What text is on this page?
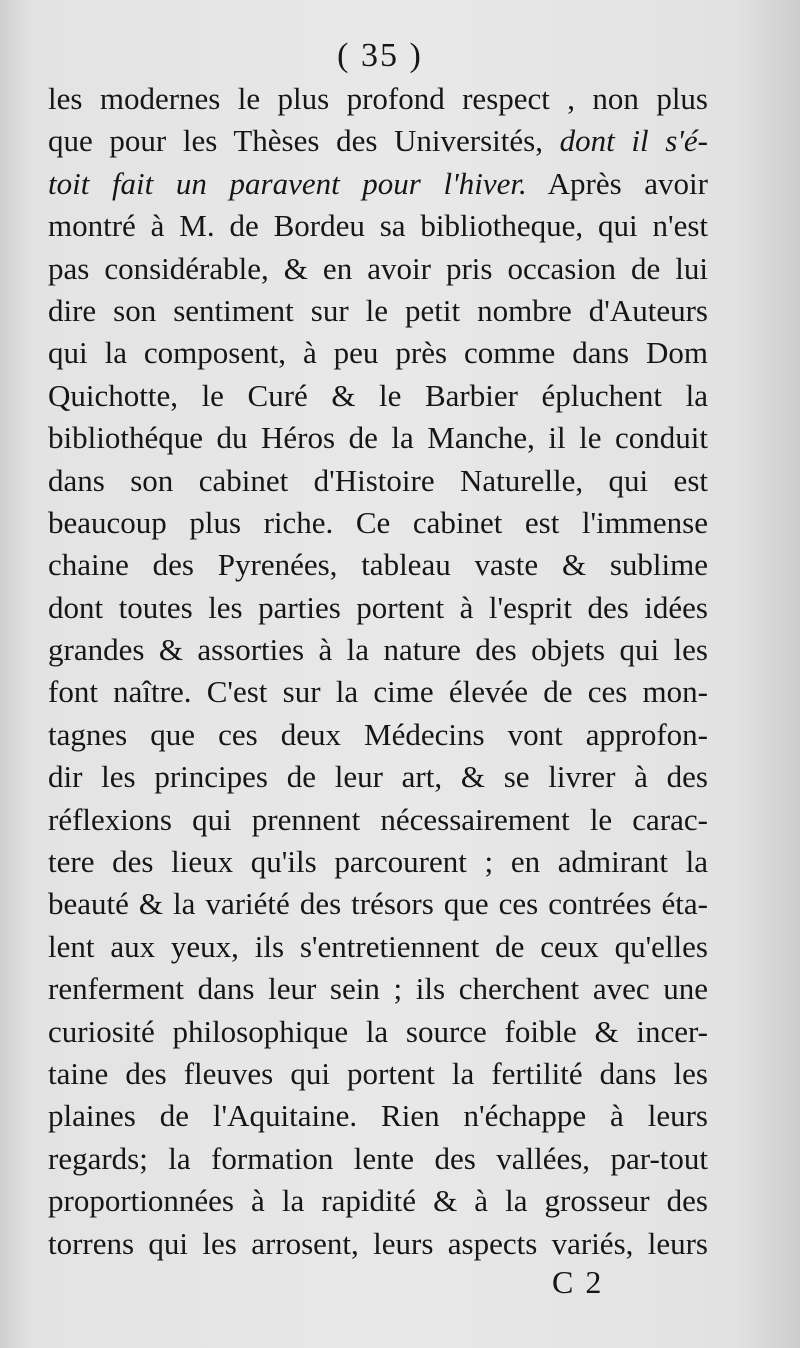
( 35 )
les modernes le plus profond respect , non plus
que pour les Thèses des Universités, dont il s'é-
toit fait un paravent pour l'hiver. Après avoir
montré à M. de Bordeu sa bibliotheque, qui n'est
pas considérable, & en avoir pris occasion de lui
dire son sentiment sur le petit nombre d'Auteurs
qui la composent, à peu près comme dans Dom
Quichotte, le Curé & le Barbier épluchent la
bibliothéque du Héros de la Manche, il le conduit
dans son cabinet d'Histoire Naturelle, qui est
beaucoup plus riche. Ce cabinet est l'immense
chaine des Pyrenées, tableau vaste & sublime
dont toutes les parties portent à l'esprit des idées
grandes & assorties à la nature des objets qui les
font naître. C'est sur la cime élevée de ces mon-
tagnes que ces deux Médecins vont approfon-
dir les principes de leur art, & se livrer à des
réflexions qui prennent nécessairement le carac-
tere des lieux qu'ils parcourent ; en admirant la
beauté & la variété des trésors que ces contrées éta-
lent aux yeux, ils s'entretiennent de ceux qu'elles
renferment dans leur sein ; ils cherchent avec une
curiosité philosophique la source foible & incer-
taine des fleuves qui portent la fertilité dans les
plaines de l'Aquitaine. Rien n'échappe à leurs
regards; la formation lente des vallées, par-tout
proportionnées à la rapidité & à la grosseur des
torrens qui les arrosent, leurs aspects variés, leurs
C 2
